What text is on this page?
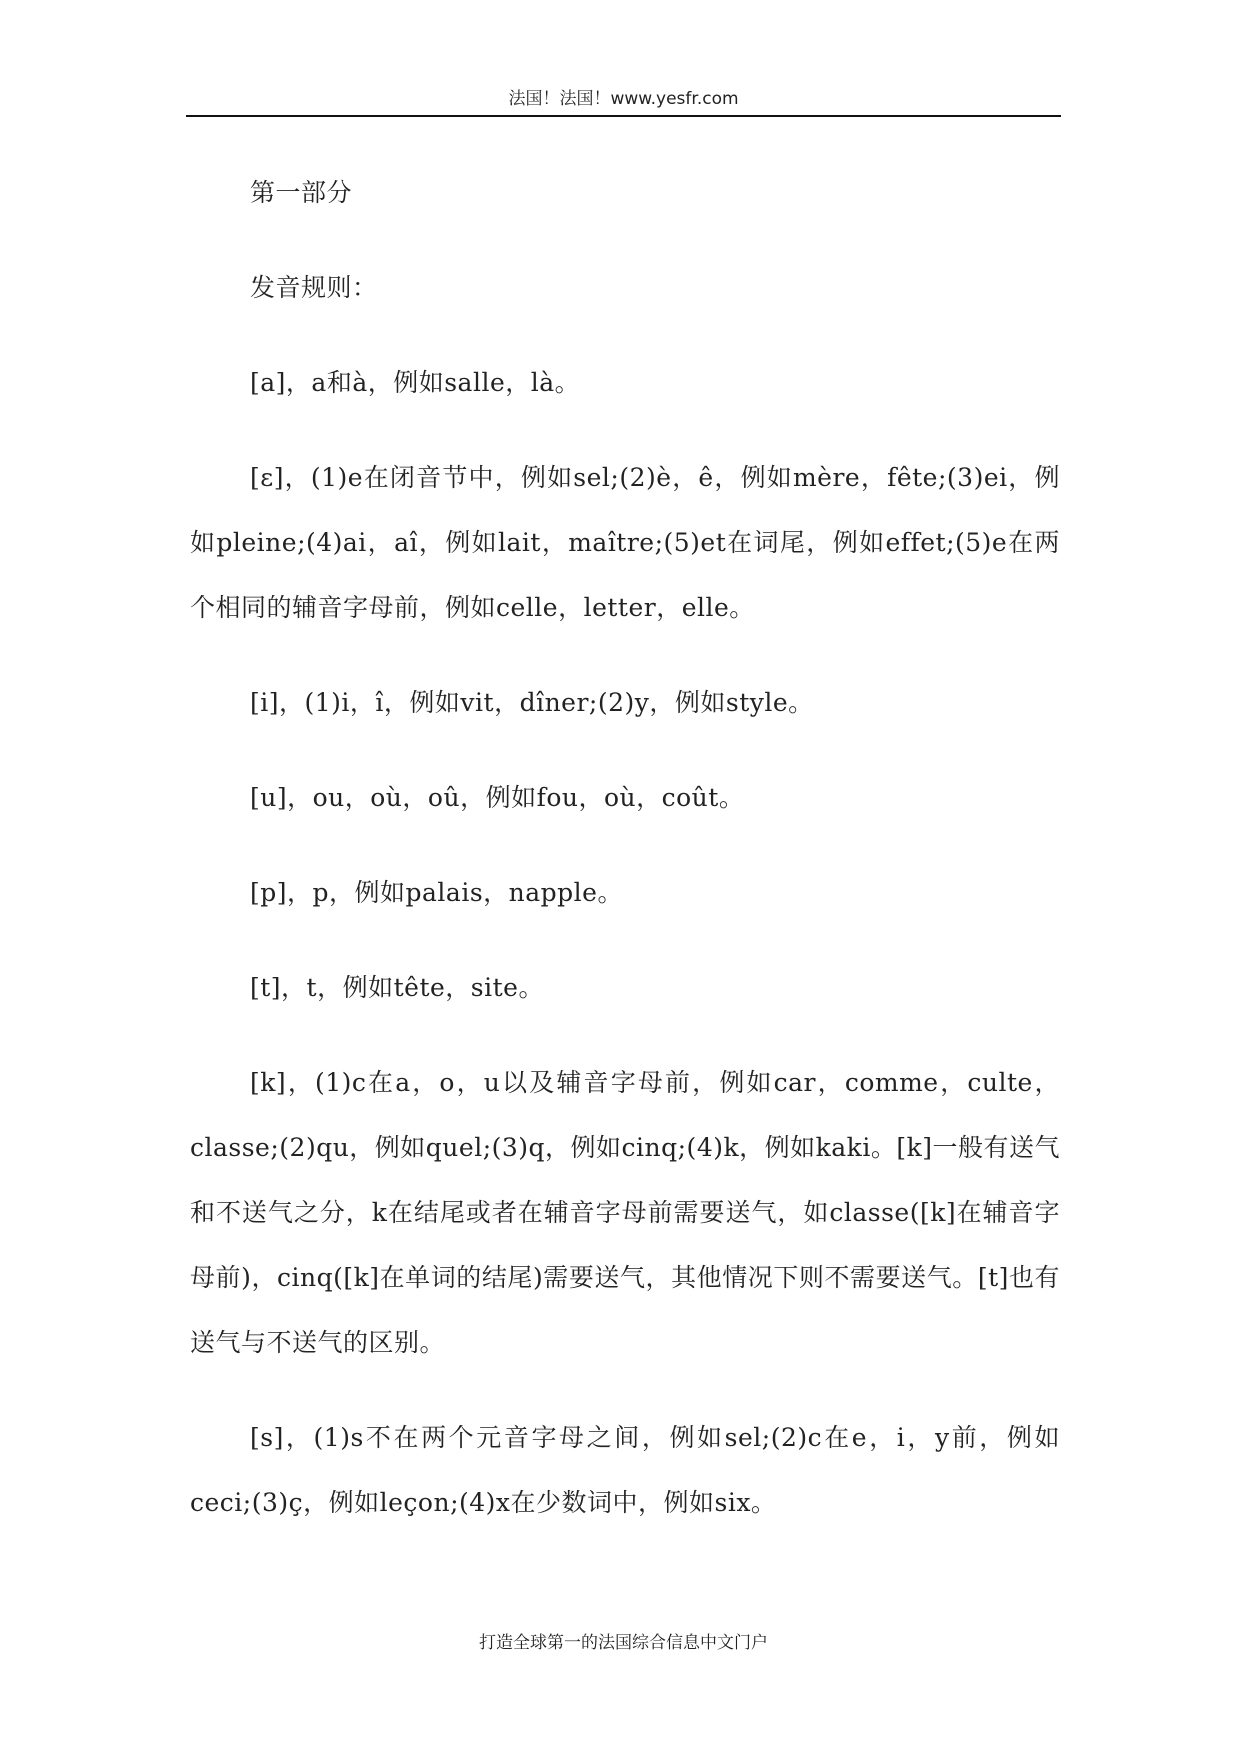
法国！法国！www.yesfr.com

第一部分

发音规则：

[a]，a和à，例如salle，là。

[ɛ]，(1)e在闭音节中，例如sel;(2)è，ê，例如mère，fête;(3)ei，例如pleine;(4)ai，aî，例如lait，maître;(5)et在词尾，例如effet;(5)e在两个相同的辅音字母前，例如celle，letter，elle。

[i]，(1)i，î，例如vit，dîner;(2)y，例如style。

[u]，ou，où，oû，例如fou，où，coût。

[p]，p，例如palais，napple。

[t]，t，例如tête，site。

[k]，(1)c在a，o，u以及辅音字母前，例如car，comme，culte，classe;(2)qu，例如quel;(3)q，例如cinq;(4)k，例如kaki。[k]一般有送气和不送气之分，k在结尾或者在辅音字母前需要送气，如classe([k]在辅音字母前)，cinq([k]在单词的结尾)需要送气，其他情况下则不需要送气。[t]也有送气与不送气的区别。

[s]，(1)s不在两个元音字母之间，例如sel;(2)c在e，i，y前，例如ceci;(3)ç，例如leçon;(4)x在少数词中，例如six。

打造全球第一的法国综合信息中文门户
